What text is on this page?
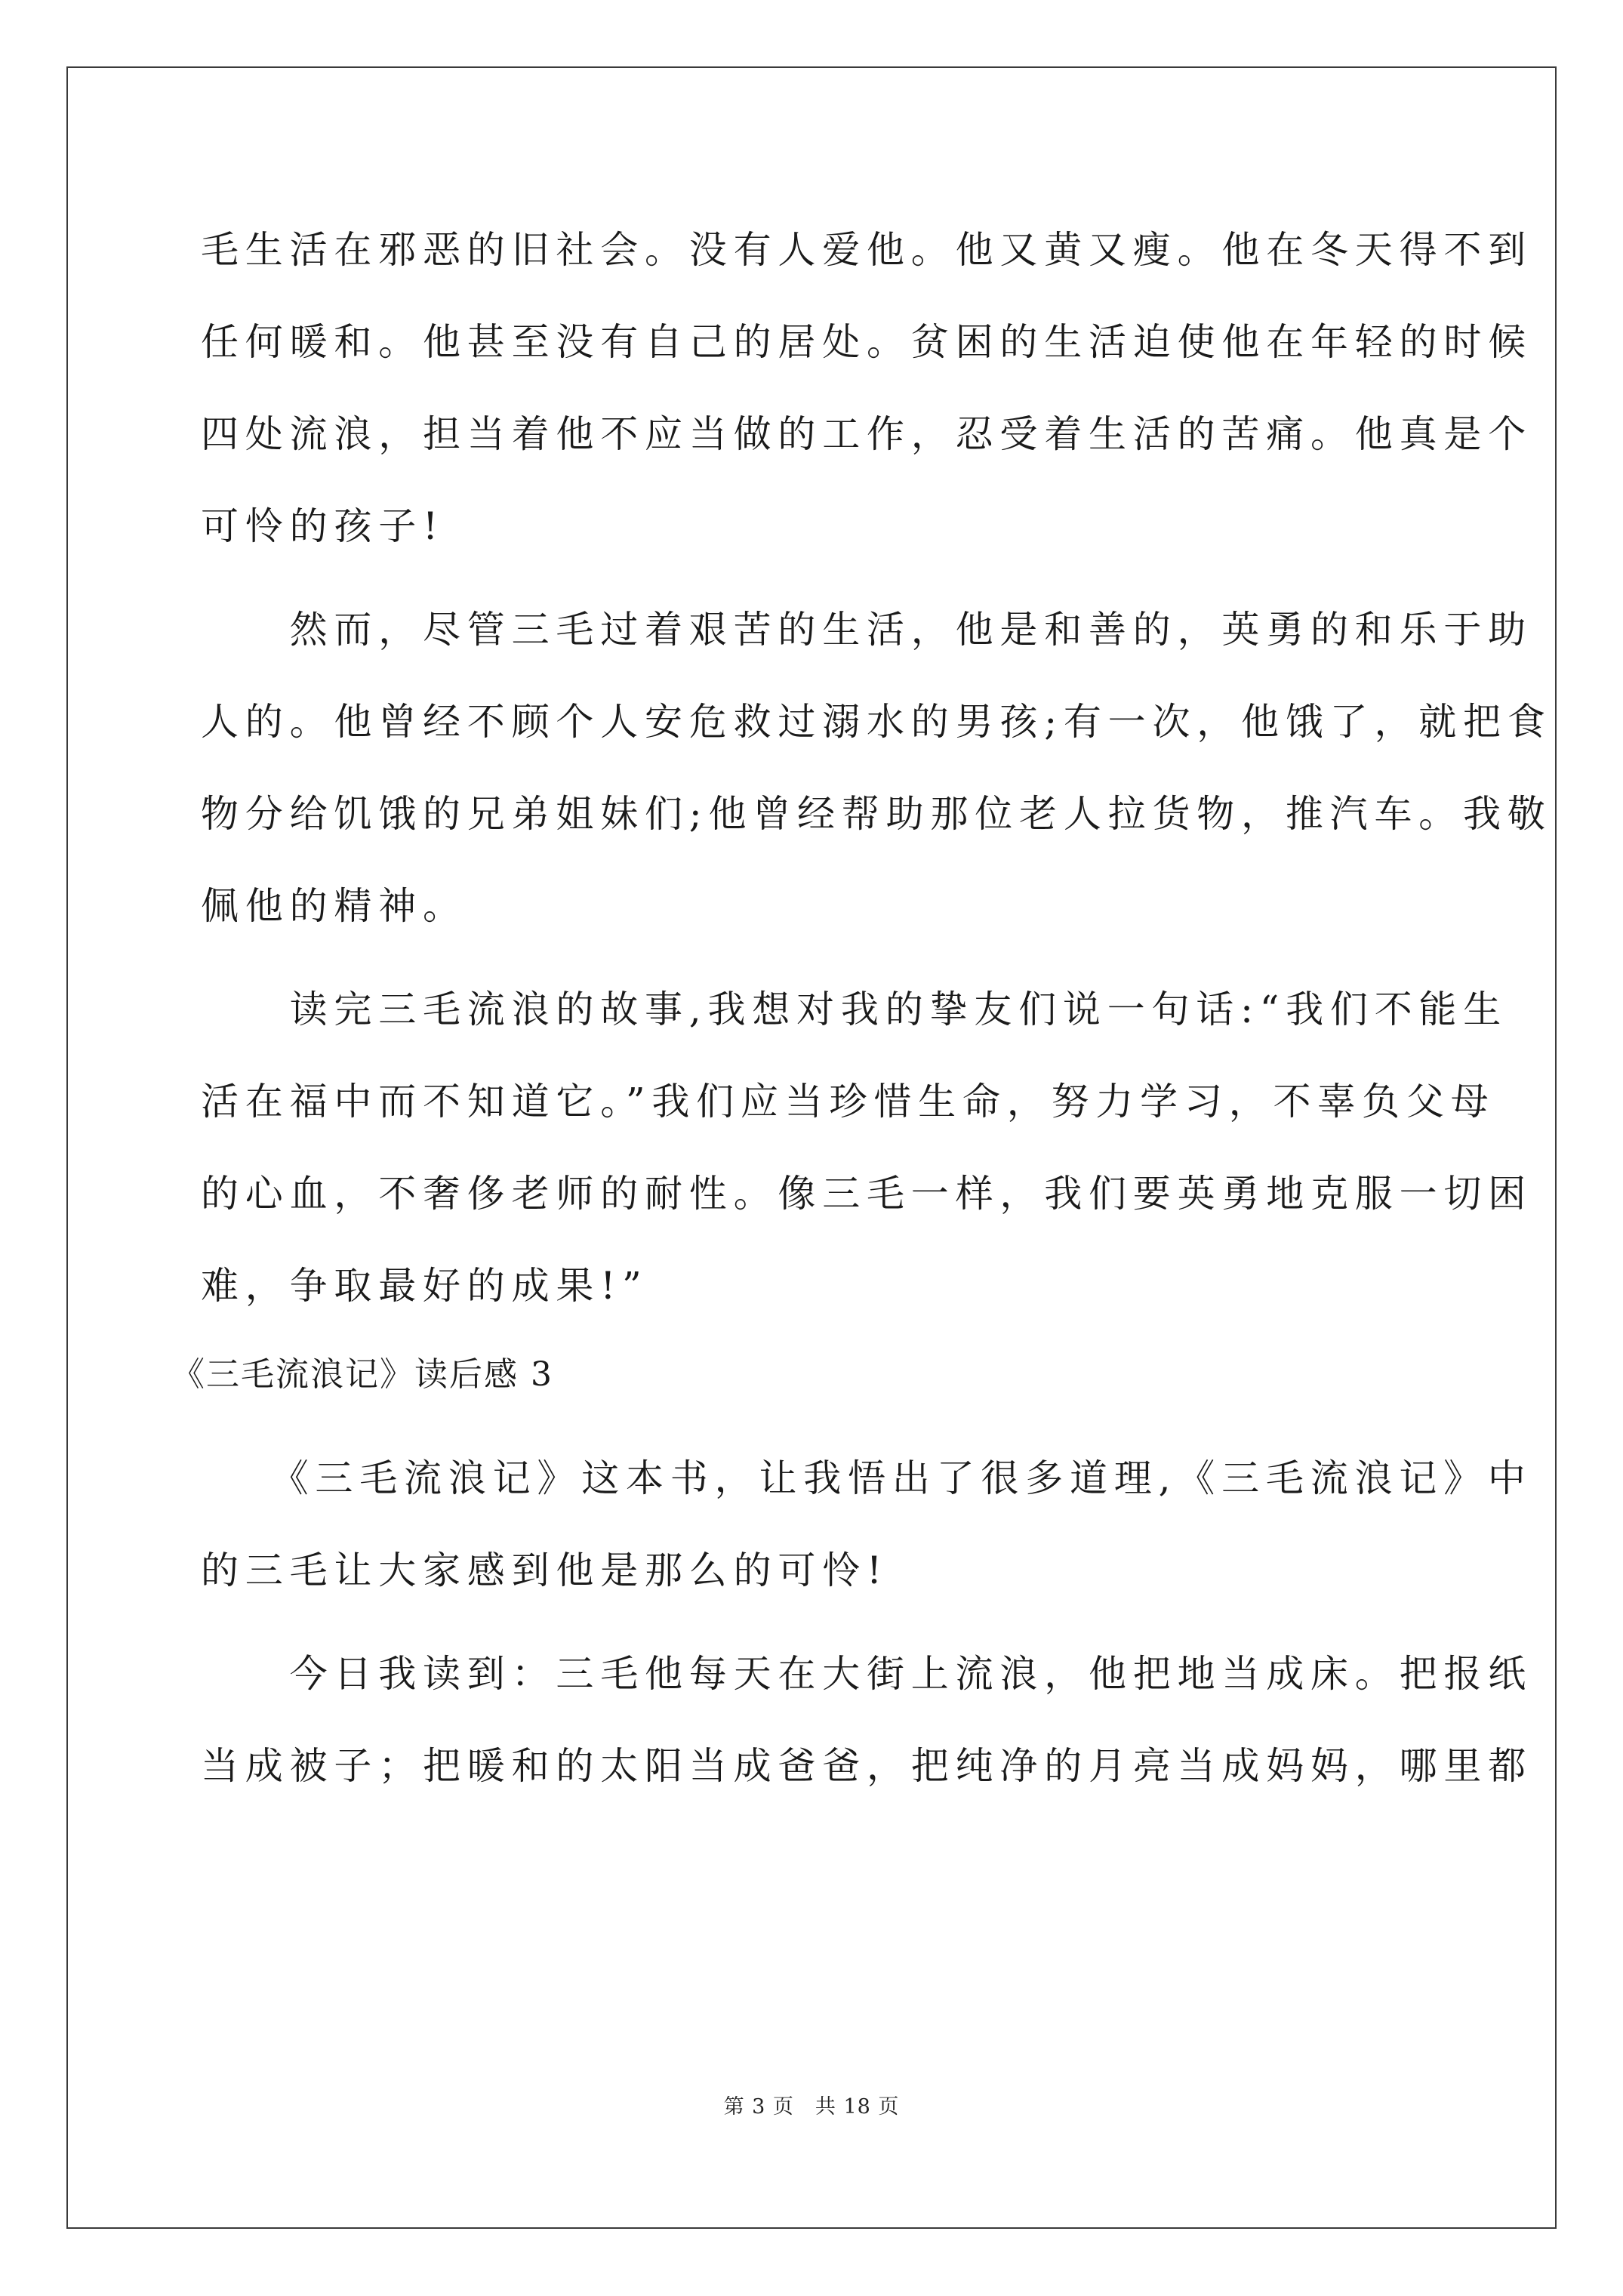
毛生活在邪恶的旧社会。没有人爱他。他又黄又瘦。他在冬天得不到
任何暖和。他甚至没有自己的居处。贫困的生活迫使他在年轻的时候
四处流浪，担当着他不应当做的工作，忍受着生活的苦痛。他真是个
可怜的孩子!
　　然而，尽管三毛过着艰苦的生活，他是和善的，英勇的和乐于助
人的。他曾经不顾个人安危救过溺水的男孩;有一次，他饿了，就把食
物分给饥饿的兄弟姐妹们;他曾经帮助那位老人拉货物，推汽车。我敬
佩他的精神。
　　读完三毛流浪的故事,我想对我的挚友们说一句话:“我们不能生
活在福中而不知道它。”我们应当珍惜生命，努力学习，不辜负父母
的心血，不奢侈老师的耐性。像三毛一样，我们要英勇地克服一切困
难，争取最好的成果!”
　　《三毛流浪记》这本书，让我悟出了很多道理,《三毛流浪记》中
的三毛让大家感到他是那么的可怜!
　　今日我读到：三毛他每天在大街上流浪，他把地当成床。把报纸
当成被子；把暖和的太阳当成爸爸，把纯净的月亮当成妈妈，哪里都
《三毛流浪记》读后感 3
第 3 页　共 18 页
